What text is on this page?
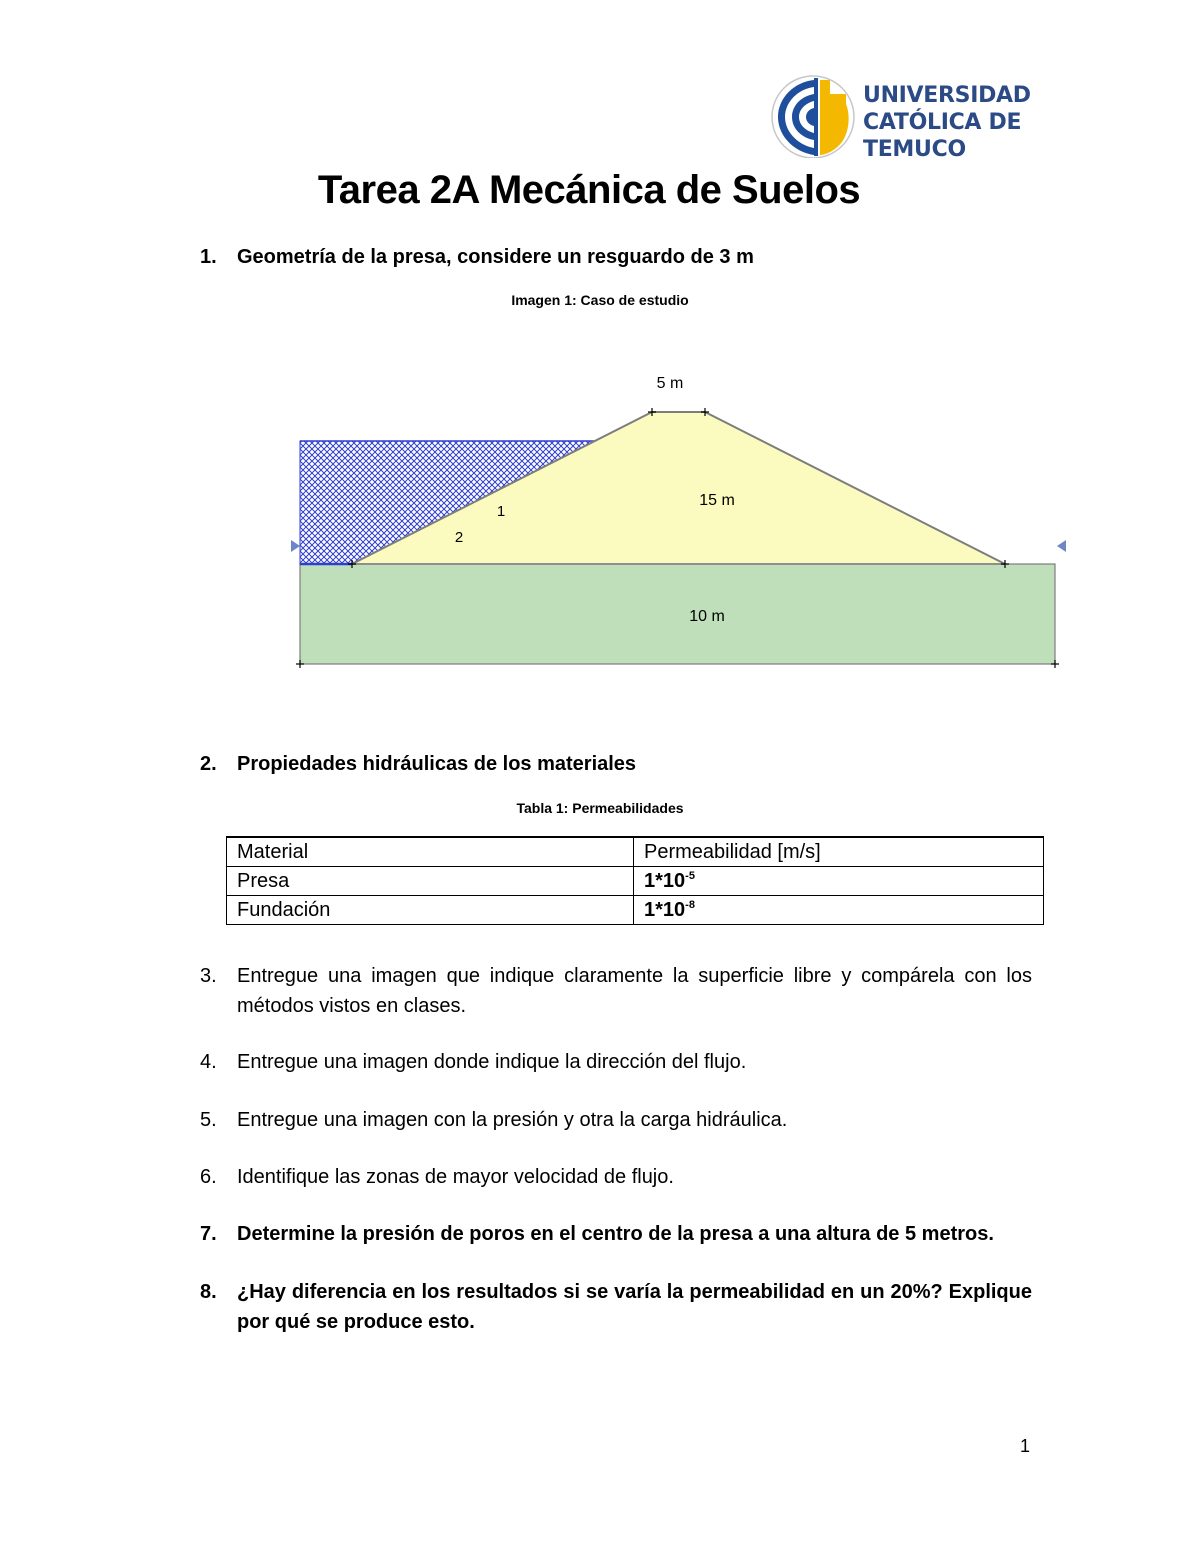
UNIVERSIDAD
CATÓLICA DE
TEMUCO
Tarea 2A Mecánica de Suelos
1.	Geometría de la presa, considere un resguardo de 3 m
Imagen 1: Caso de estudio
5 m
15 m
10 m
1
2
2.	Propiedades hidráulicas de los materiales
Tabla 1: Permeabilidades
Material	Permeabilidad [m/s]
Presa	$1*10^{-5}$
Fundación	$1*10^{-8}$
3.	Entregue una imagen que indique claramente la superficie libre y compárela con los métodos vistos en clases.
4.	Entregue una imagen donde indique la dirección del flujo.
5.	Entregue una imagen con la presión y otra la carga hidráulica.
6.	Identifique las zonas de mayor velocidad de flujo.
7.	Determine la presión de poros en el centro de la presa a una altura de 5 metros.
8.	¿Hay diferencia en los resultados si se varía la permeabilidad en un 20%? Explique por qué se produce esto.
1
